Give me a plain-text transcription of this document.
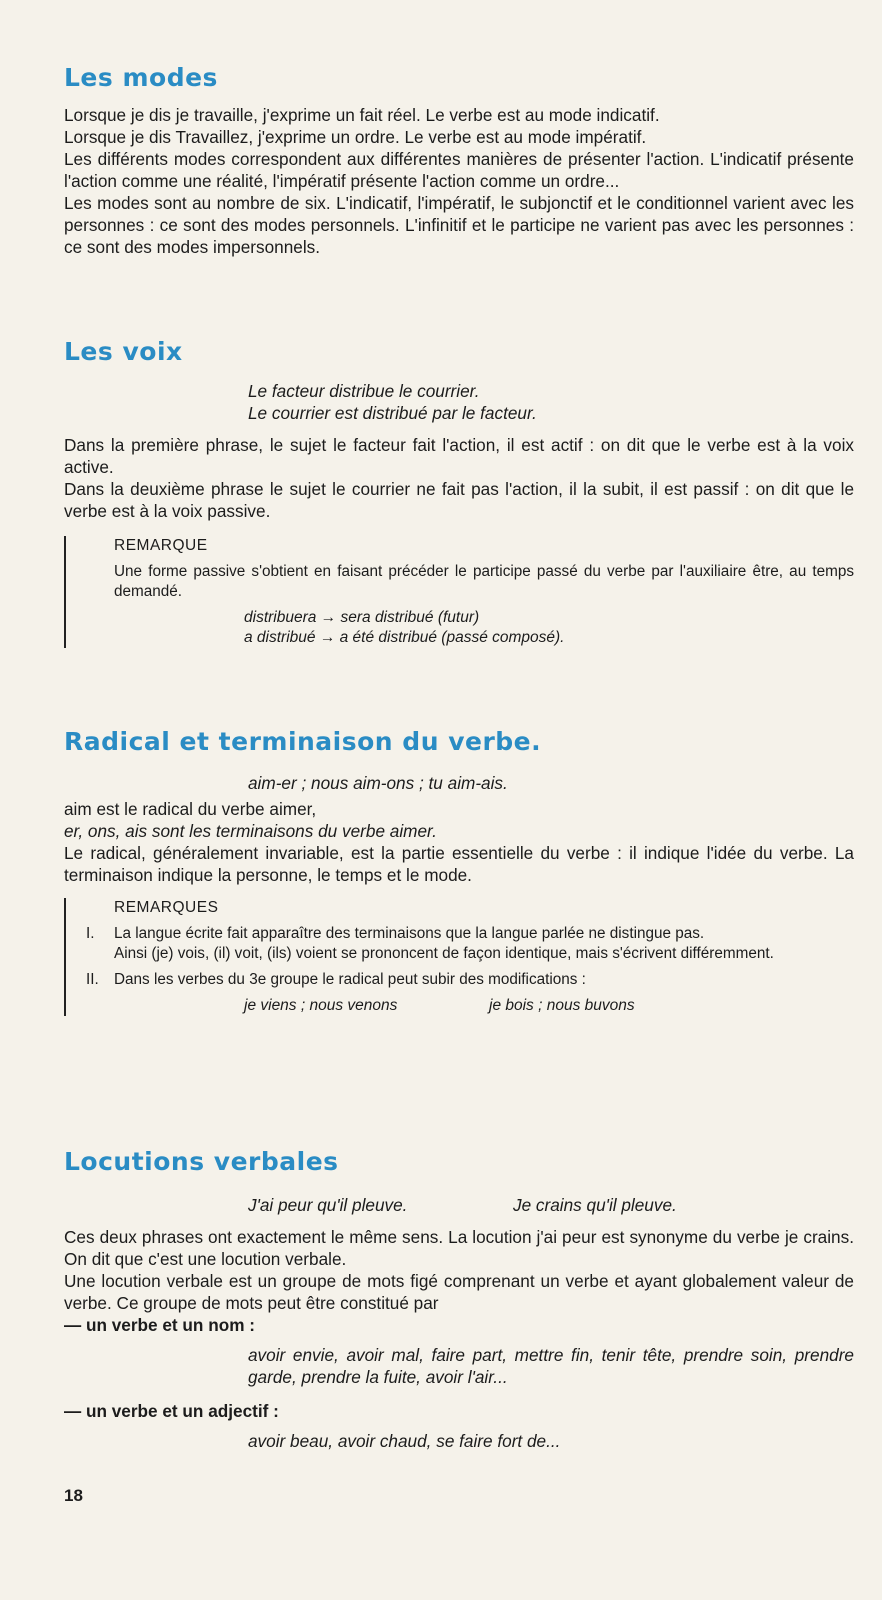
Les modes

Lorsque je dis je travaille, j'exprime un fait réel. Le verbe est au mode indicatif.

Lorsque je dis Travaillez, j'exprime un ordre. Le verbe est au mode impératif.

Les différents modes correspondent aux différentes manières de présenter l'action. L'indicatif présente l'action comme une réalité, l'impératif présente l'action comme un ordre...

Les modes sont au nombre de six. L'indicatif, l'impératif, le subjonctif et le conditionnel varient avec les personnes : ce sont des modes personnels. L'infinitif et le participe ne varient pas avec les personnes : ce sont des modes impersonnels.

Les voix

Le facteur distribue le courrier.

Le courrier est distribué par le facteur.

Dans la première phrase, le sujet le facteur fait l'action, il est actif : on dit que le verbe est à la voix active.

Dans la deuxième phrase le sujet le courrier ne fait pas l'action, il la subit, il est passif : on dit que le verbe est à la voix passive.

REMARQUE

Une forme passive s'obtient en faisant précéder le participe passé du verbe par l'auxiliaire être, au temps demandé.

distribuera → sera distribué (futur)

a distribué → a été distribué (passé composé).

Radical et terminaison du verbe.

aim-er ; nous aim-ons ; tu aim-ais.

aim est le radical du verbe aimer,

er, ons, ais sont les terminaisons du verbe aimer.

Le radical, généralement invariable, est la partie essentielle du verbe : il indique l'idée du verbe. La terminaison indique la personne, le temps et le mode.

REMARQUES
I. La langue écrite fait apparaître des terminaisons que la langue parlée ne distingue pas.

Ainsi (je) vois, (il) voit, (ils) voient se prononcent de façon identique, mais s'écrivent différemment.

II. Dans les verbes du 3e groupe le radical peut subir des modifications :

je viens ; nous venons	je bois ; nous buvons

Locutions verbales

J'ai peur qu'il pleuve.	Je crains qu'il pleuve.

Ces deux phrases ont exactement le même sens. La locution j'ai peur est synonyme du verbe je crains. On dit que c'est une locution verbale.

Une locution verbale est un groupe de mots figé comprenant un verbe et ayant globalement valeur de verbe. Ce groupe de mots peut être constitué par

— un verbe et un nom :

avoir envie, avoir mal, faire part, mettre fin, tenir tête, prendre soin, prendre garde, prendre la fuite, avoir l'air...

— un verbe et un adjectif :

avoir beau, avoir chaud, se faire fort de...

18
